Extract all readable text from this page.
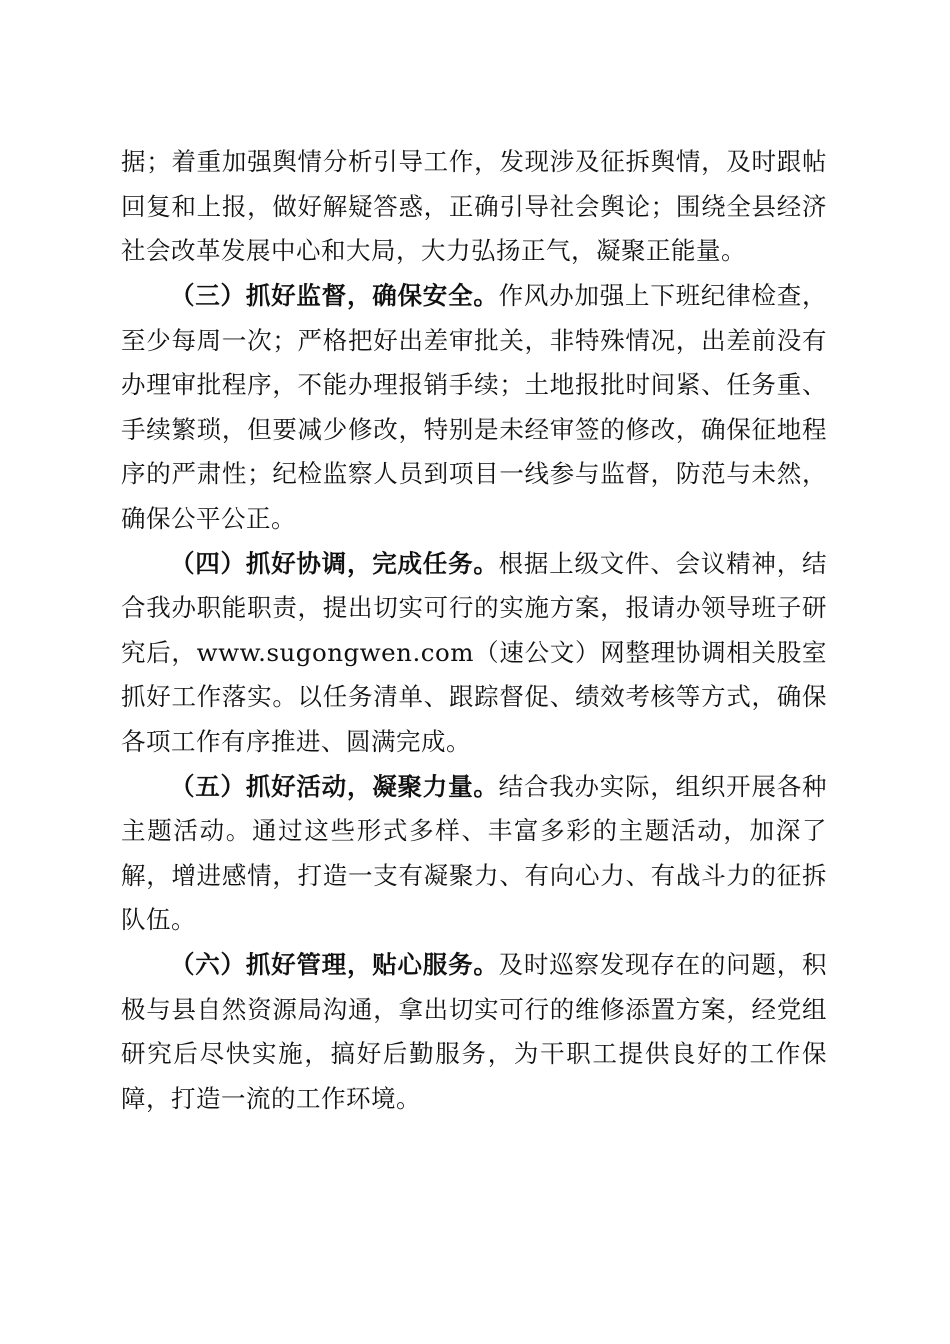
据；着重加强舆情分析引导工作，发现涉及征拆舆情，及时跟帖回复和上报，做好解疑答惑，正确引导社会舆论；围绕全县经济社会改革发展中心和大局，大力弘扬正气，凝聚正能量。

（三）抓好监督，确保安全。作风办加强上下班纪律检查，至少每周一次；严格把好出差审批关，非特殊情况，出差前没有办理审批程序，不能办理报销手续；土地报批时间紧、任务重、手续繁琐，但要减少修改，特别是未经审签的修改，确保征地程序的严肃性；纪检监察人员到项目一线参与监督，防范与未然，确保公平公正。

（四）抓好协调，完成任务。根据上级文件、会议精神，结合我办职能职责，提出切实可行的实施方案，报请办领导班子研究后，www.sugongwen.com（速公文）网整理协调相关股室抓好工作落实。以任务清单、跟踪督促、绩效考核等方式，确保各项工作有序推进、圆满完成。

（五）抓好活动，凝聚力量。结合我办实际，组织开展各种主题活动。通过这些形式多样、丰富多彩的主题活动，加深了解，增进感情，打造一支有凝聚力、有向心力、有战斗力的征拆队伍。

（六）抓好管理，贴心服务。及时巡察发现存在的问题，积极与县自然资源局沟通，拿出切实可行的维修添置方案，经党组研究后尽快实施，搞好后勤服务，为干职工提供良好的工作保障，打造一流的工作环境。
